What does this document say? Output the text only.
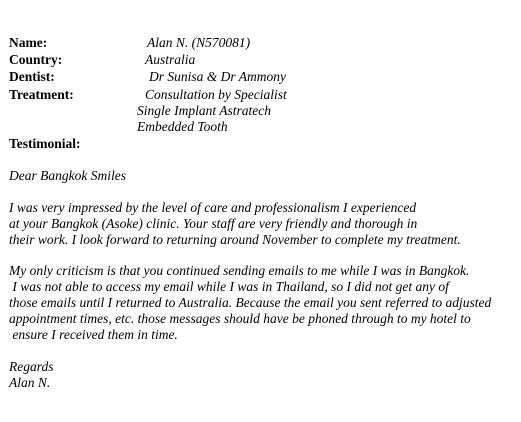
Name:	Alan N. (N570081)
Country:	Australia
Dentist:	Dr Sunisa & Dr Ammony
Treatment:	Consultation by Specialist
Single Implant Astratech
Embedded Tooth
Testimonial:
Dear Bangkok Smiles
I was very impressed by the level of care and professionalism I experienced
at your Bangkok (Asoke) clinic. Your staff are very friendly and thorough in
their work. I look forward to returning around November to complete my treatment.
My only criticism is that you continued sending emails to me while I was in Bangkok.
I was not able to access my email while I was in Thailand, so I did not get any of
those emails until I returned to Australia. Because the email you sent referred to adjusted
appointment times, etc. those messages should have be phoned through to my hotel to
ensure I received them in time.
Regards
Alan N.
